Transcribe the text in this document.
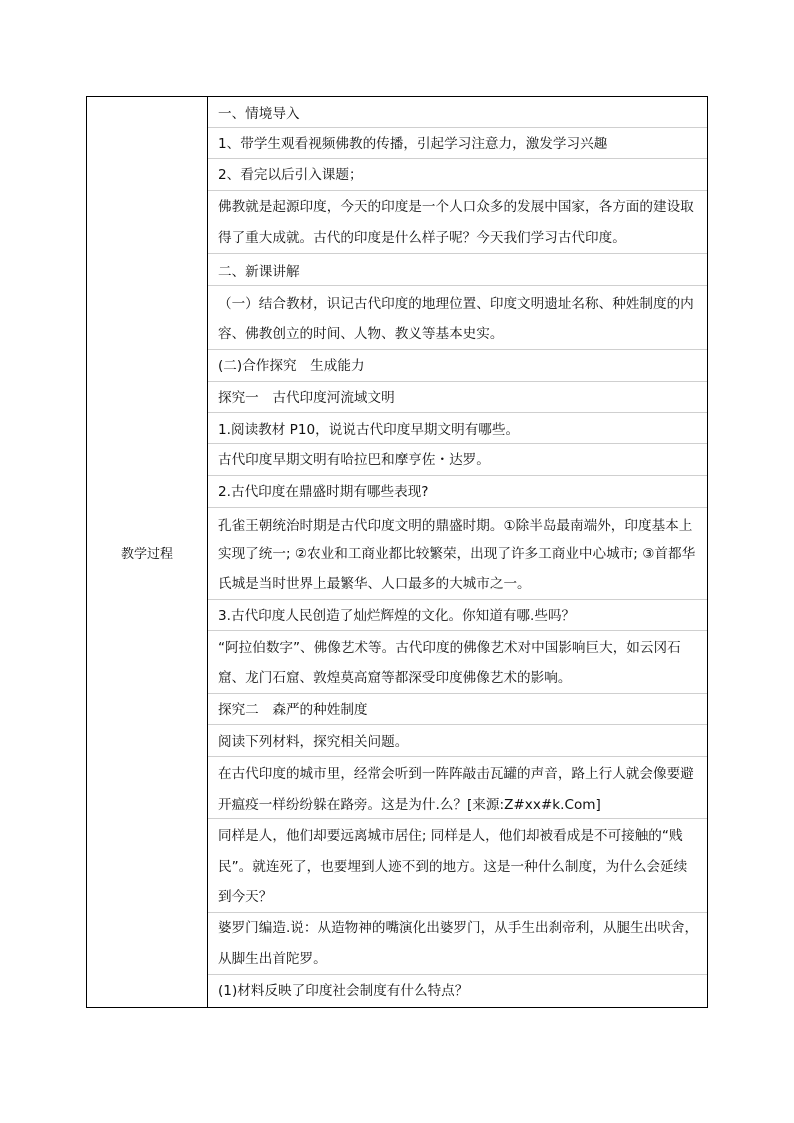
教学过程	
一、情境导入
1、带学生观看视频佛教的传播，引起学习注意力，激发学习兴趣
2、看完以后引入课题；
佛教就是起源印度，今天的印度是一个人口众多的发展中国家，各方面的建设取
得了重大成就。古代的印度是什么样子呢？今天我们学习古代印度。
二、新课讲解
（一）结合教材，识记古代印度的地理位置、印度文明遗址名称、种姓制度的内
容、佛教创立的时间、人物、教义等基本史实。
(二)合作探究　生成能力
探究一　古代印度河流域文明
1.阅读教材 P10，说说古代印度早期文明有哪些。
古代印度早期文明有哈拉巴和摩亨佐・达罗。
2.古代印度在鼎盛时期有哪些表现?
孔雀王朝统治时期是古代印度文明的鼎盛时期。①除半岛最南端外，印度基本上
实现了统一; ②农业和工商业都比较繁荣，出现了许多工商业中心城市; ③首都华
氏城是当时世界上最繁华、人口最多的大城市之一。
3.古代印度人民创造了灿烂辉煌的文化。你知道有哪.些吗？
“阿拉伯数字”、佛像艺术等。古代印度的佛像艺术对中国影响巨大，如云冈石
窟、龙门石窟、敦煌莫高窟等都深受印度佛像艺术的影响。
探究二　森严的种姓制度
阅读下列材料，探究相关问题。
在古代印度的城市里，经常会听到一阵阵敲击瓦罐的声音，路上行人就会像要避
开瘟疫一样纷纷躲在路旁。这是为什.么？[来源:Z#xx#k.Com]
同样是人，他们却要远离城市居住; 同样是人，他们却被看成是不可接触的“贱
民”。就连死了，也要埋到人迹不到的地方。这是一种什么制度，为什么会延续
到今天？
婆罗门编造.说：从造物神的嘴演化出婆罗门，从手生出刹帝利，从腿生出吠舍，
从脚生出首陀罗。
(1)材料反映了印度社会制度有什么特点？
